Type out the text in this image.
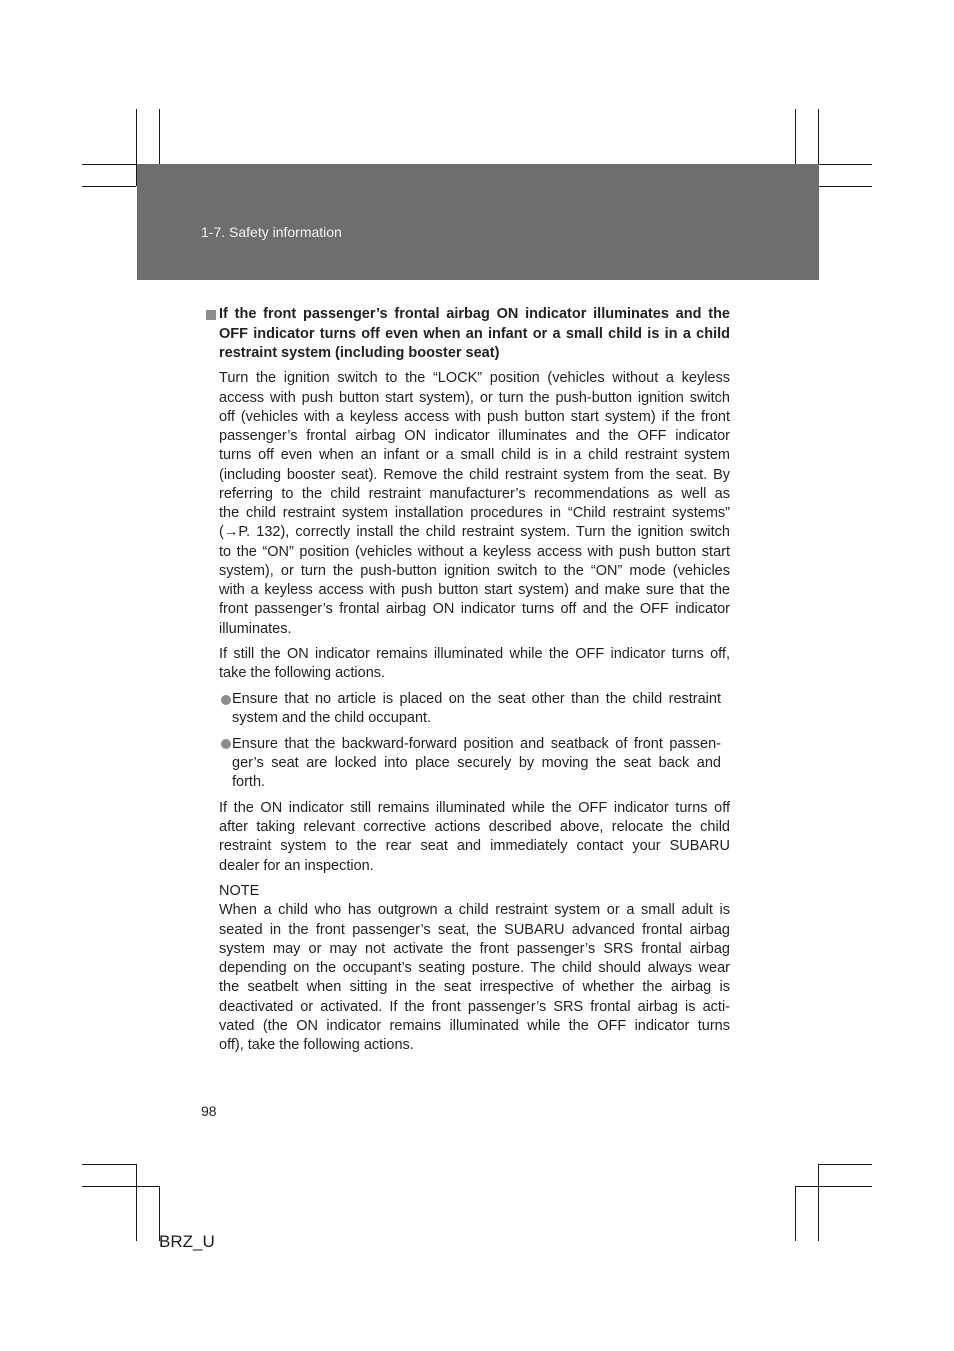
1-7. Safety information
If the front passenger’s frontal airbag ON indicator illuminates and the
OFF indicator turns off even when an infant or a small child is in a child
restraint system (including booster seat)
Turn the ignition switch to the “LOCK” position (vehicles without a keyless
access with push button start system), or turn the push-button ignition switch
off (vehicles with a keyless access with push button start system) if the front
passenger’s frontal airbag ON indicator illuminates and the OFF indicator
turns off even when an infant or a small child is in a child restraint system
(including booster seat). Remove the child restraint system from the seat. By
referring to the child restraint manufacturer’s recommendations as well as
the child restraint system installation procedures in “Child restraint systems”
(→P. 132), correctly install the child restraint system. Turn the ignition switch
to the “ON” position (vehicles without a keyless access with push button start
system), or turn the push-button ignition switch to the “ON” mode (vehicles
with a keyless access with push button start system) and make sure that the
front passenger’s frontal airbag ON indicator turns off and the OFF indicator
illuminates.
If still the ON indicator remains illuminated while the OFF indicator turns off,
take the following actions.
Ensure that no article is placed on the seat other than the child restraint
system and the child occupant.
Ensure that the backward-forward position and seatback of front passen-
ger’s seat are locked into place securely by moving the seat back and
forth.
If the ON indicator still remains illuminated while the OFF indicator turns off
after taking relevant corrective actions described above, relocate the child
restraint system to the rear seat and immediately contact your SUBARU
dealer for an inspection.
NOTE
When a child who has outgrown a child restraint system or a small adult is
seated in the front passenger’s seat, the SUBARU advanced frontal airbag
system may or may not activate the front passenger’s SRS frontal airbag
depending on the occupant’s seating posture. The child should always wear
the seatbelt when sitting in the seat irrespective of whether the airbag is
deactivated or activated. If the front passenger’s SRS frontal airbag is acti-
vated (the ON indicator remains illuminated while the OFF indicator turns
off), take the following actions.
98
BRZ_U
